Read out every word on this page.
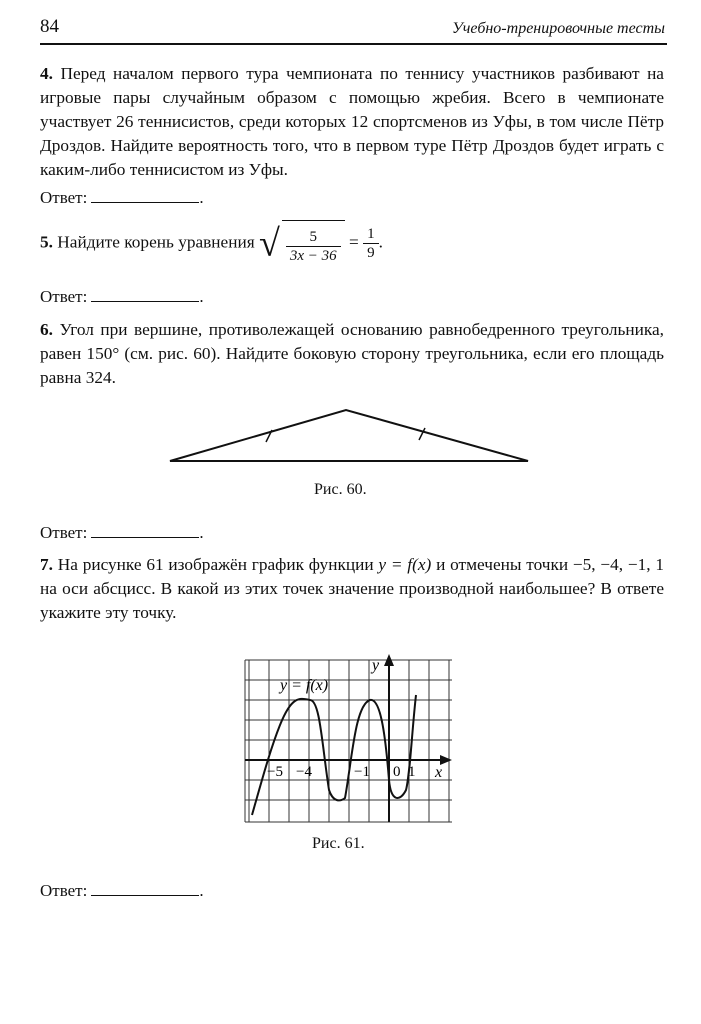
84	Учебно-тренировочные тесты
4. Перед началом первого тура чемпионата по теннису участников разбивают на игровые пары случайным образом с помощью жребия. Всего в чемпионате участвует 26 теннисистов, среди которых 12 спортсменов из Уфы, в том числе Пётр Дроздов. Найдите вероятность того, что в первом туре Пётр Дроздов будет играть с каким-либо теннисистом из Уфы.
Ответ:	.
5. Найдите корень уравнения √ $\frac{5}{3x - 36} = \frac{1}{9}$ .
Ответ:	.
6. Угол при вершине, противолежащей основанию равнобедренного треугольника, равен 150° (см. рис. 60). Найдите боковую сторону треугольника, если его площадь равна 324.
Рис. 60.
Ответ:	.
7. На рисунке 61 изображён график функции y = f(x) и отмечены точки −5, −4, −1, 1 на оси абсцисс. В какой из этих точек значение производной наибольшее? В ответе укажите эту точку.
y = f(x)
y
x
−5 −4	−1 0 1
Рис. 61.
Ответ:	.
